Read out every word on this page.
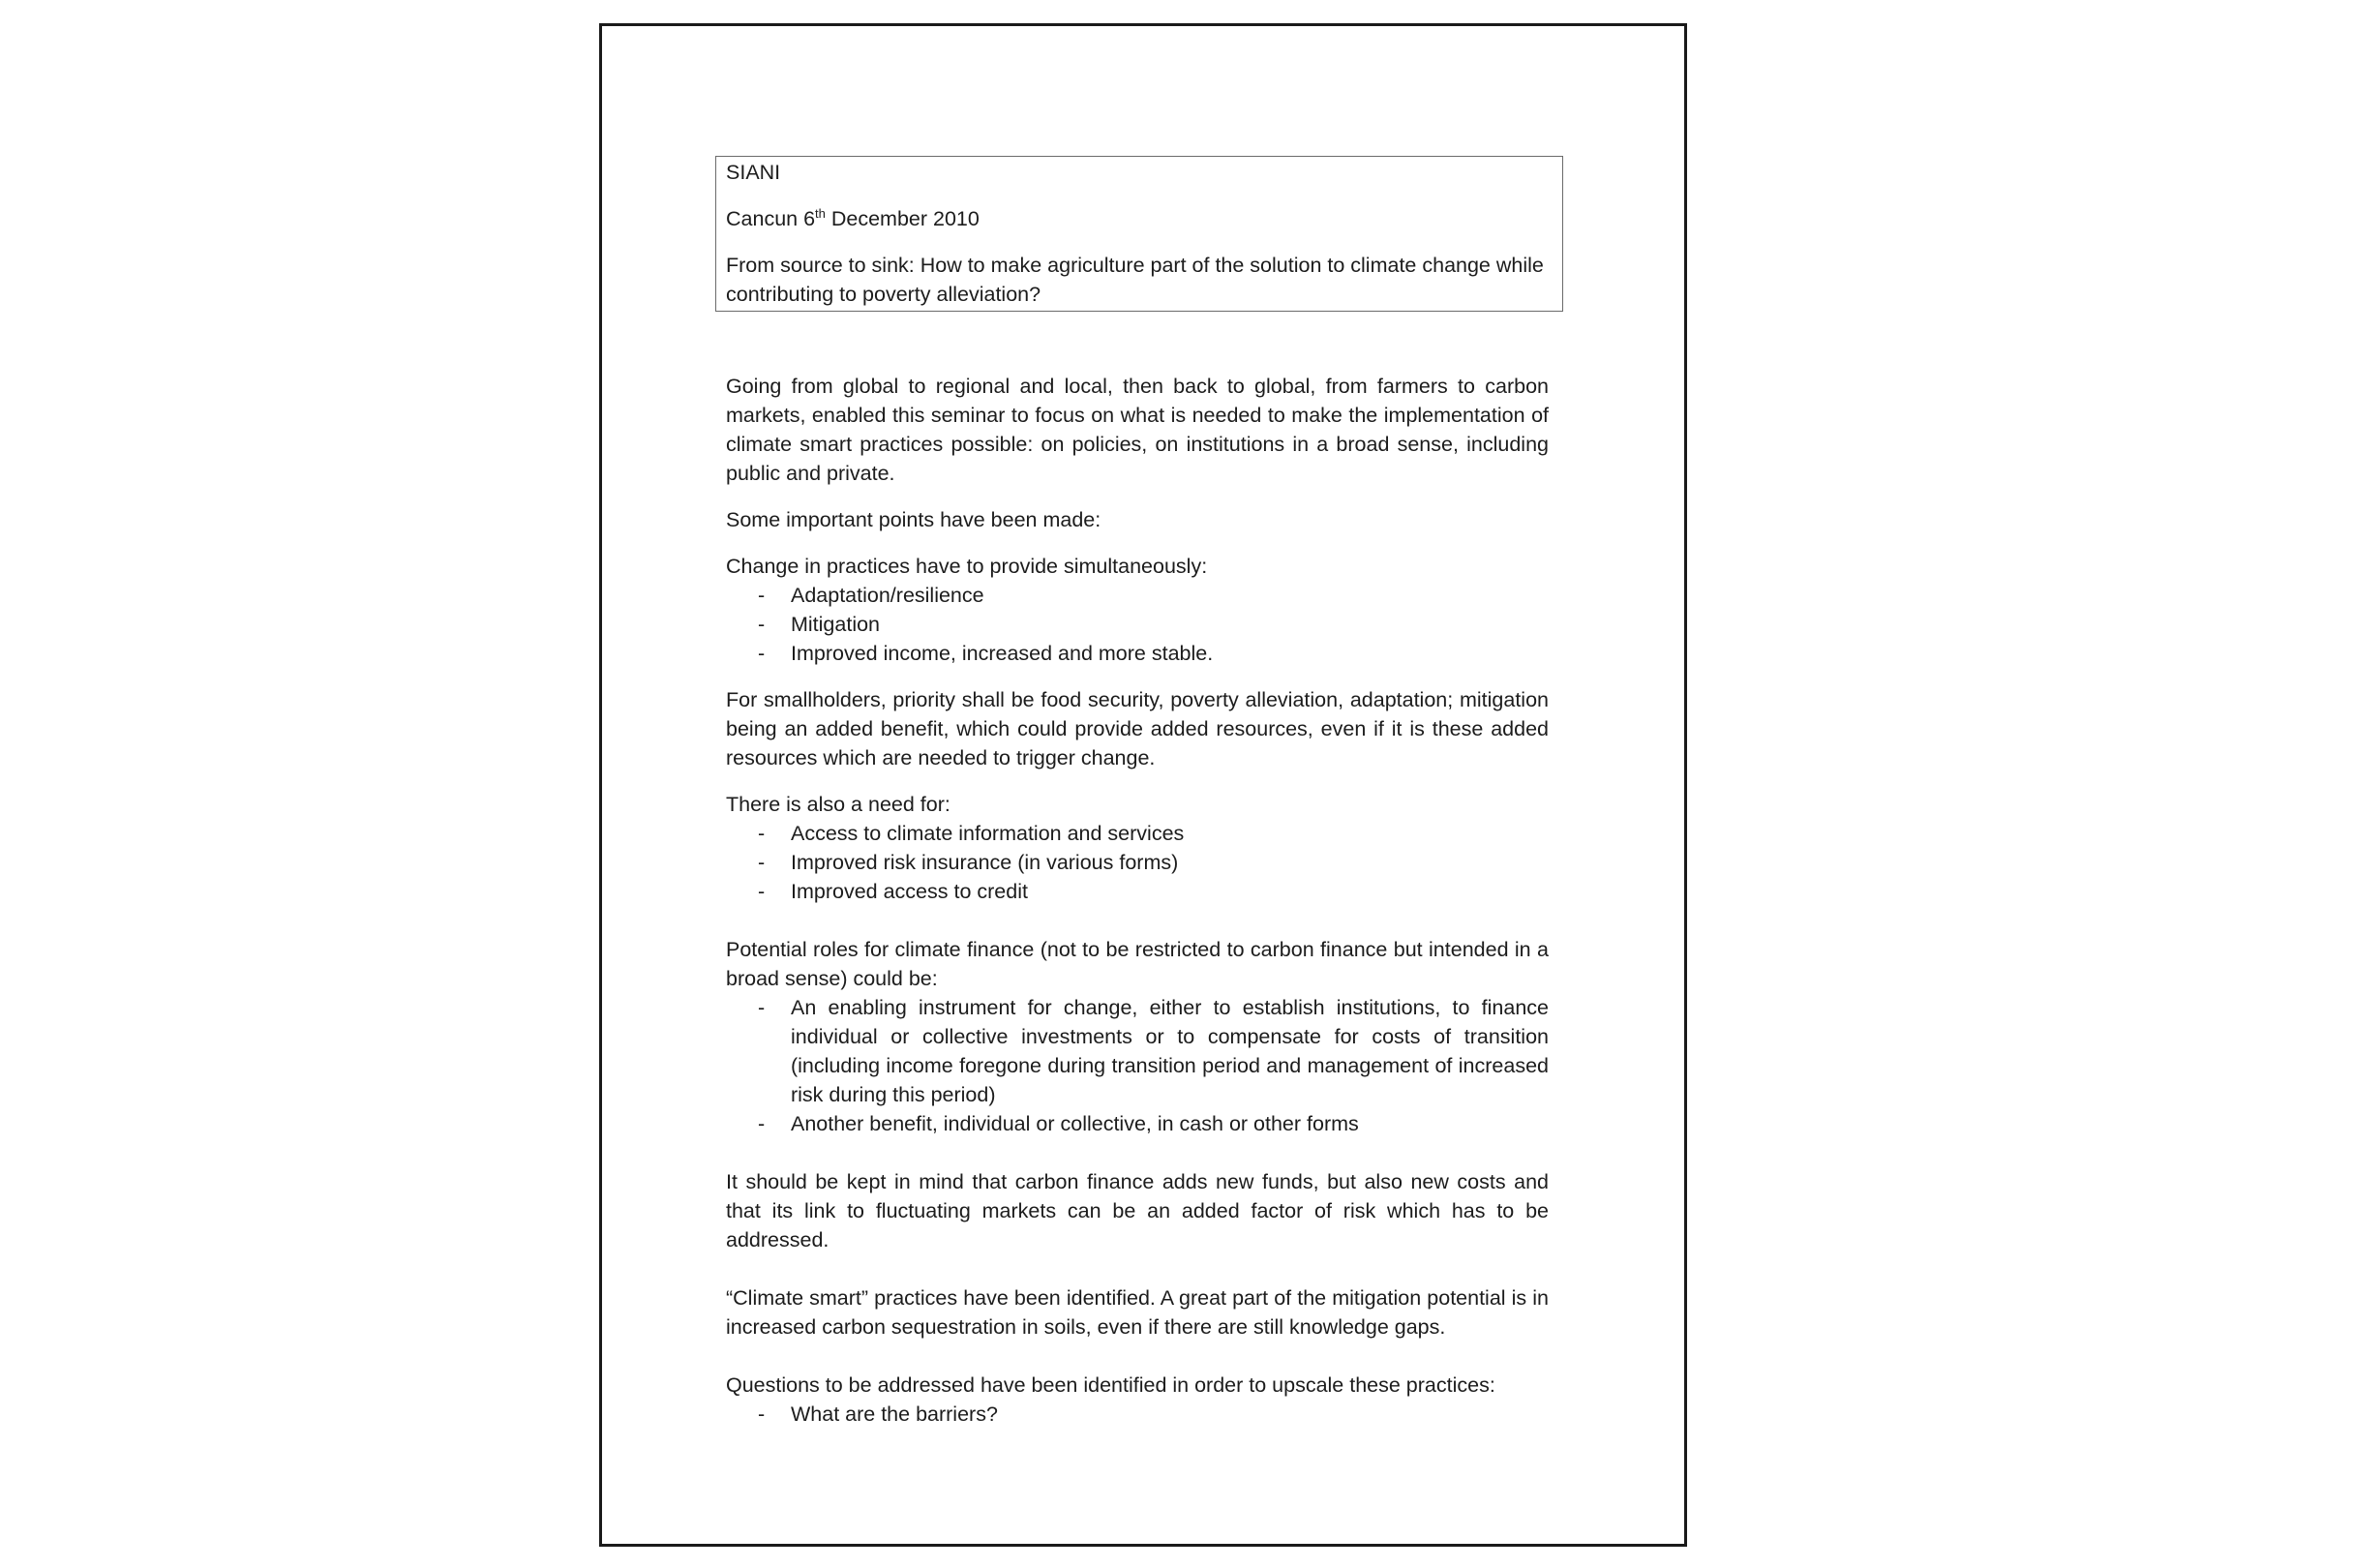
SIANI

Cancun 6th December 2010

From source to sink: How to make agriculture part of the solution to climate change while contributing to poverty alleviation?

Going from global to regional and local, then back to global, from farmers to carbon markets, enabled this seminar to focus on what is needed to make the implementation of climate smart practices possible: on policies, on institutions in a broad sense, including public and private.

Some important points have been made:

Change in practices have to provide simultaneously:

- Adaptation/resilience
- Mitigation
- Improved income, increased and more stable.

For smallholders, priority shall be food security, poverty alleviation, adaptation; mitigation being an added benefit, which could provide added resources, even if it is these added resources which are needed to trigger change.

There is also a need for:

- Access to climate information and services
- Improved risk insurance (in various forms)
- Improved access to credit

Potential roles for climate finance (not to be restricted to carbon finance but intended in a broad sense) could be:

- An enabling instrument for change, either to establish institutions, to finance individual or collective investments or to compensate for costs of transition (including income foregone during transition period and management of increased risk during this period)
- Another benefit, individual or collective, in cash or other forms

It should be kept in mind that carbon finance adds new funds, but also new costs and that its link to fluctuating markets can be an added factor of risk which has to be addressed.

“Climate smart” practices have been identified. A great part of the mitigation potential is in increased carbon sequestration in soils, even if there are still knowledge gaps.

Questions to be addressed have been identified in order to upscale these practices:

- What are the barriers?
